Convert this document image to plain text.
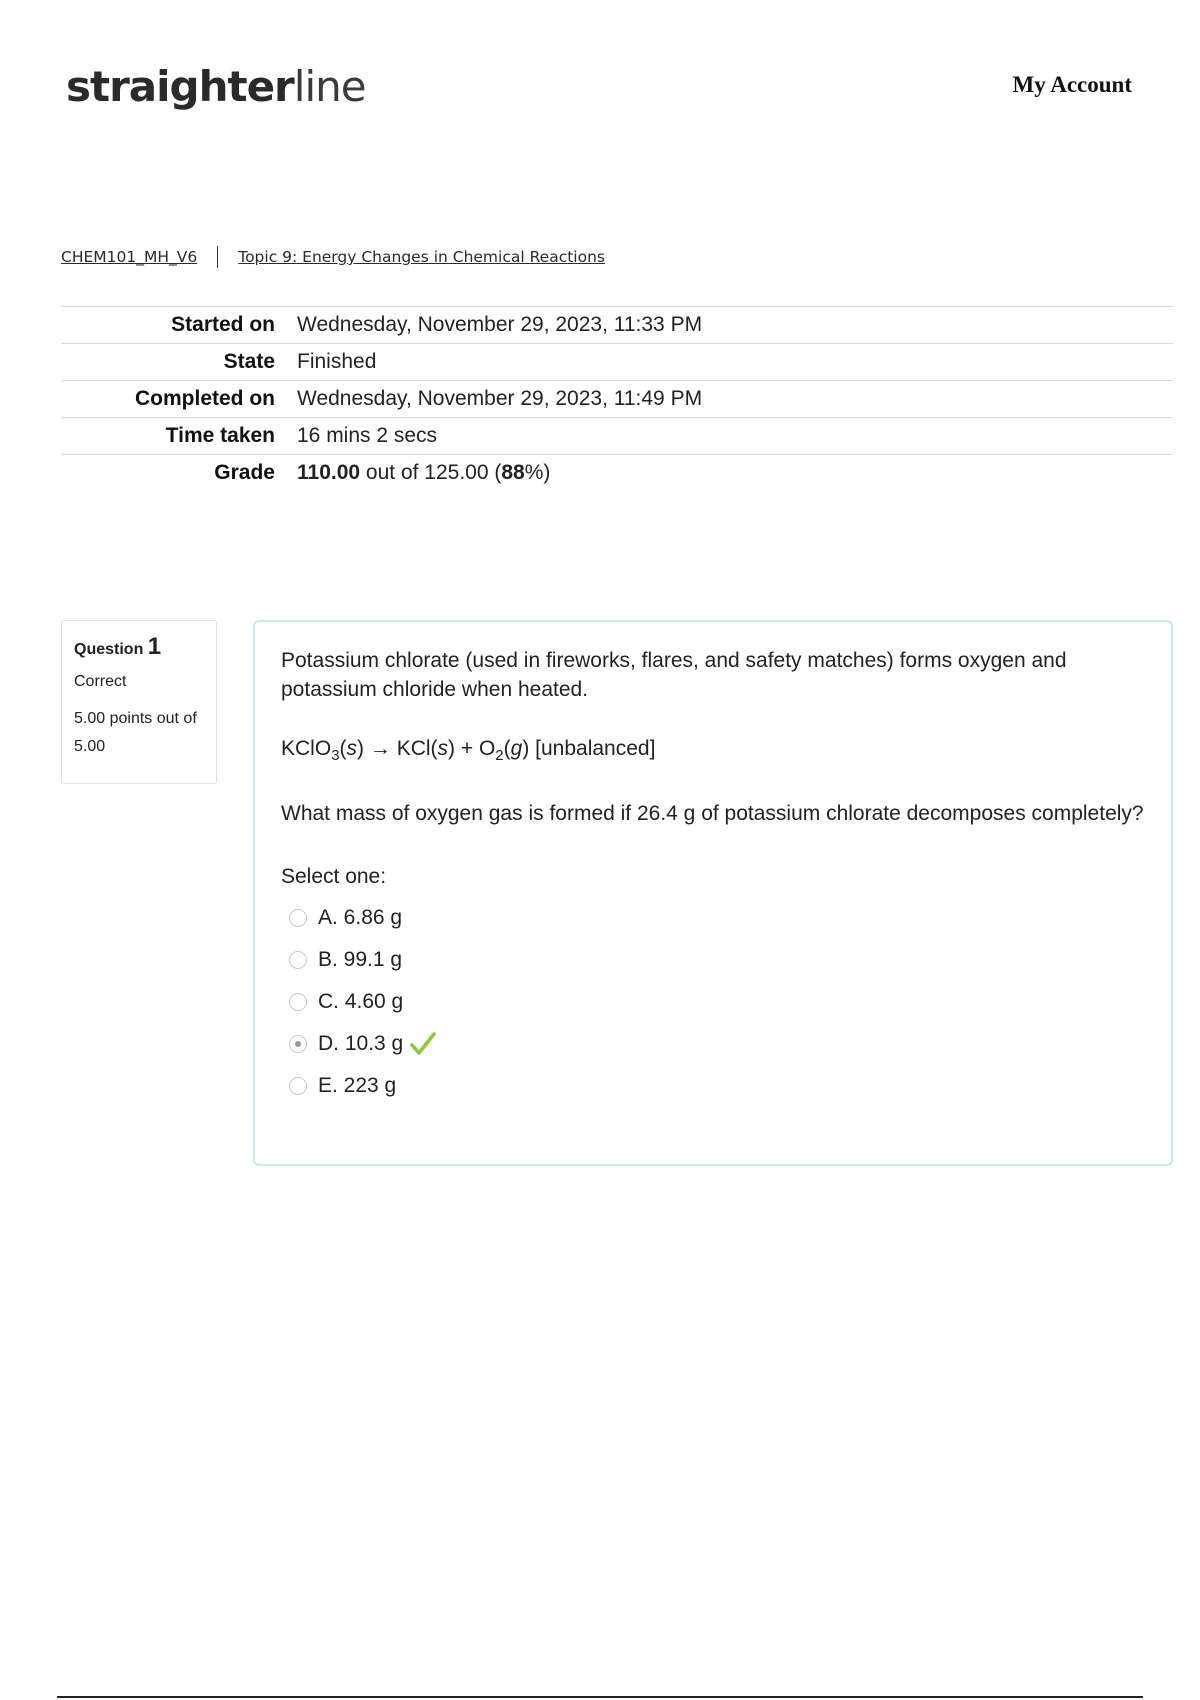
straighterline	My Account
CHEM101_MH_V6	Topic 9: Energy Changes in Chemical Reactions
Started on	Wednesday, November 29, 2023, 11:33 PM
State	Finished
Completed on	Wednesday, November 29, 2023, 11:49 PM
Time taken	16 mins 2 secs
Grade	110.00 out of 125.00 (88%)
Question 1
Correct
5.00 points out of 5.00

Potassium chlorate (used in fireworks, flares, and safety matches) forms oxygen and potassium chloride when heated.

KClO$_3$(s) → $KCl(s) + O_2(g)$ [unbalanced]

What mass of oxygen gas is formed if 26.4 g of potassium chlorate decomposes completely?

Select one:

A. 6.86 g
B. 99.1 g
C. 4.60 g
D. 10.3 g
E. 223 g
